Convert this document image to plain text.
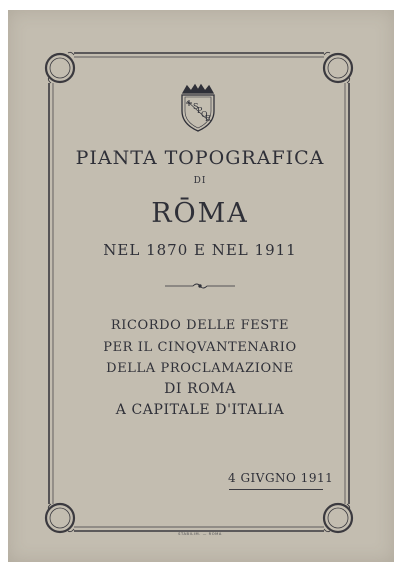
S
P
Q
R
PIANTA TOPOGRAFICA
DI
RŌMA
NEL 1870 E NEL 1911
RICORDO DELLE FESTE
PER IL CINQVANTENARIO
DELLA PROCLAMAZIONE
DI ROMA
A CAPITALE D'ITALIA
4 GIVGNO 1911
STABILIM. — ROMA
